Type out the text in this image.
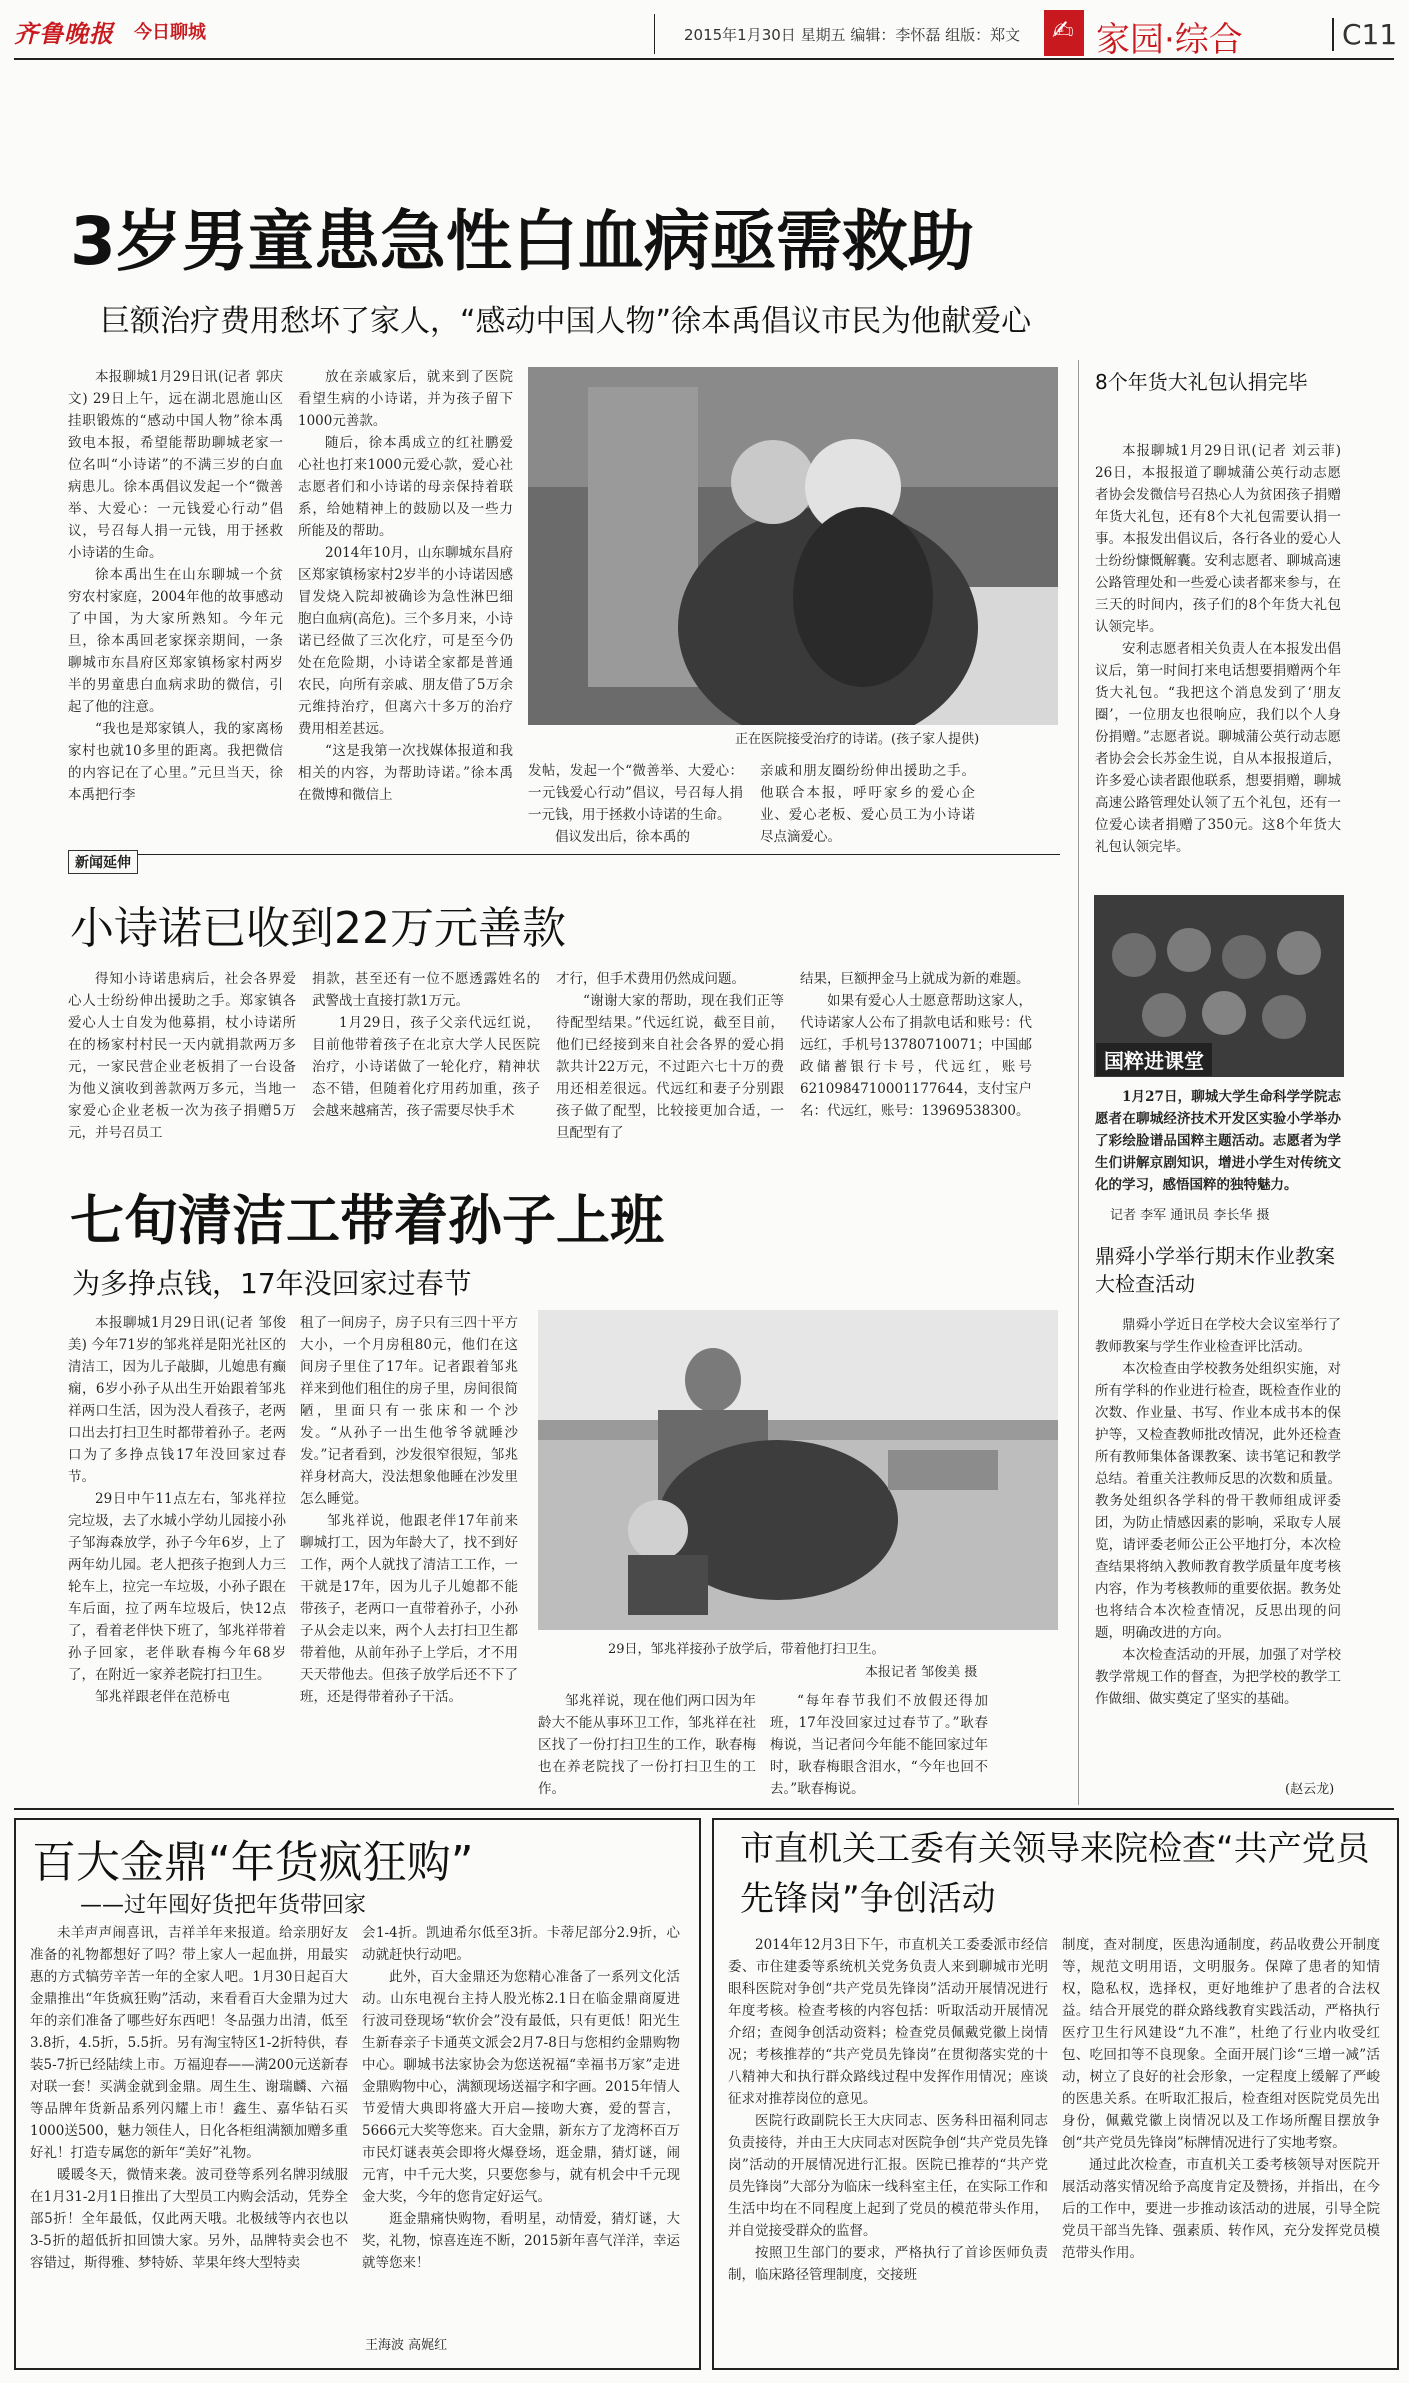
齐鲁晚报 今日聊城	2015年1月30日 星期五 编辑：李怀磊 组版：郑文 ✍ 家园·综合	C11
3岁男童患急性白血病亟需救助
巨额治疗费用愁坏了家人，“感动中国人物”徐本禹倡议市民为他献爱心

本报聊城1月29日讯(记者 郭庆文) 29日上午，远在湖北恩施山区挂职锻炼的“感动中国人物”徐本禹致电本报，希望能帮助聊城老家一位名叫“小诗诺”的不满三岁的白血病患儿。徐本禹倡议发起一个“微善举、大爱心：一元钱爱心行动”倡议，号召每人捐一元钱，用于拯救小诗诺的生命。

徐本禹出生在山东聊城一个贫穷农村家庭，2004年他的故事感动了中国，为大家所熟知。今年元旦，徐本禹回老家探亲期间，一条聊城市东昌府区郑家镇杨家村两岁半的男童患白血病求助的微信，引起了他的注意。

“我也是郑家镇人，我的家离杨家村也就10多里的距离。我把微信的内容记在了心里。”元旦当天，徐本禹把行李

放在亲戚家后，就来到了医院看望生病的小诗诺，并为孩子留下1000元善款。

随后，徐本禹成立的红社鹏爱心社也打来1000元爱心款，爱心社志愿者们和小诗诺的母亲保持着联系，给她精神上的鼓励以及一些力所能及的帮助。

2014年10月，山东聊城东昌府区郑家镇杨家村2岁半的小诗诺因感冒发烧入院却被确诊为急性淋巴细胞白血病(高危)。三个多月来，小诗诺已经做了三次化疗，可是至今仍处在危险期，小诗诺全家都是普通农民，向所有亲戚、朋友借了5万余元维持治疗，但离六十多万的治疗费用相差甚远。

“这是我第一次找媒体报道和我相关的内容，为帮助诗诺。”徐本禹在微博和微信上

正在医院接受治疗的诗诺。(孩子家人提供)

发帖，发起一个“微善举、大爱心：一元钱爱心行动”倡议，号召每人捐一元钱，用于拯救小诗诺的生命。

倡议发出后，徐本禹的

亲戚和朋友圈纷纷伸出援助之手。他联合本报，呼吁家乡的爱心企业、爱心老板、爱心员工为小诗诺尽点滴爱心。

新闻延伸
小诗诺已收到22万元善款

得知小诗诺患病后，社会各界爱心人士纷纷伸出援助之手。郑家镇各爱心人士自发为他募捐，杖小诗诺所在的杨家村村民一天内就捐款两万多元，一家民营企业老板捐了一台设备为他义演收到善款两万多元，当地一家爱心企业老板一次为孩子捐赠5万元，并号召员工

捐款，甚至还有一位不愿透露姓名的武警战士直接打款1万元。

1月29日，孩子父亲代远红说，目前他带着孩子在北京大学人民医院治疗，小诗诺做了一轮化疗，精神状态不错，但随着化疗用药加重，孩子会越来越痛苦，孩子需要尽快手术

才行，但手术费用仍然成问题。

“谢谢大家的帮助，现在我们正等待配型结果。”代远红说，截至目前，他们已经接到来自社会各界的爱心捐款共计22万元，不过距六七十万的费用还相差很远。代远红和妻子分别跟孩子做了配型，比较接更加合适，一旦配型有了

结果，巨额押金马上就成为新的难题。

如果有爱心人士愿意帮助这家人，代诗诺家人公布了捐款电话和账号：代远红，手机号13780710071；中国邮政储蓄银行卡号，代远红，账号6210984710001177644，支付宝户名：代远红，账号：13969538300。

七旬清洁工带着孙子上班
为多挣点钱，17年没回家过春节

本报聊城1月29日讯(记者 邹俊美) 今年71岁的邹兆祥是阳光社区的清洁工，因为儿子敲脚，儿媳患有癫痫，6岁小孙子从出生开始跟着邹兆祥两口生活，因为没人看孩子，老两口出去打扫卫生时都带着孙子。老两口为了多挣点钱17年没回家过春节。

29日中午11点左右，邹兆祥拉完垃圾，去了水城小学幼儿园接小孙子邹海森放学，孙子今年6岁，上了两年幼儿园。老人把孩子抱到人力三轮车上，拉完一车垃圾，小孙子跟在车后面，拉了两车垃圾后，快12点了，看着老伴快下班了，邹兆祥带着孙子回家，老伴耿春梅今年68岁了，在附近一家养老院打扫卫生。

邹兆祥跟老伴在范桥屯

租了一间房子，房子只有三四十平方大小，一个月房租80元，他们在这间房子里住了17年。记者跟着邹兆祥来到他们租住的房子里，房间很简陋，里面只有一张床和一个沙发。“从孙子一出生他爷爷就睡沙发。”记者看到，沙发很窄很短，邹兆祥身材高大，没法想象他睡在沙发里怎么睡觉。

邹兆祥说，他跟老伴17年前来聊城打工，因为年龄大了，找不到好工作，两个人就找了清洁工工作，一干就是17年，因为儿子儿媳都不能带孩子，老两口一直带着孙子，小孙子从会走以来，两个人去打扫卫生都带着他，从前年孙子上学后，才不用天天带他去。但孩子放学后还不下了班，还是得带着孙子干活。

29日，邹兆祥接孙子放学后，带着他打扫卫生。
本报记者 邹俊美 摄

邹兆祥说，现在他们两口因为年龄大不能从事环卫工作，邹兆祥在社区找了一份打扫卫生的工作，耿春梅也在养老院找了一份打扫卫生的工作。

“每年春节我们不放假还得加班，17年没回家过过春节了。”耿春梅说，当记者问今年能不能回家过年时，耿春梅眼含泪水，“今年也回不去。”耿春梅说。

8个年货大礼包认捐完毕

本报聊城1月29日讯(记者 刘云菲) 26日，本报报道了聊城蒲公英行动志愿者协会发微信号召热心人为贫困孩子捐赠年货大礼包，还有8个大礼包需要认捐一事。本报发出倡议后，各行各业的爱心人士纷纷慷慨解囊。安利志愿者、聊城高速公路管理处和一些爱心读者都来参与，在三天的时间内，孩子们的8个年货大礼包认领完毕。

安利志愿者相关负责人在本报发出倡议后，第一时间打来电话想要捐赠两个年货大礼包。“我把这个消息发到了‘朋友圈’，一位朋友也很响应，我们以个人身份捐赠。”志愿者说。聊城蒲公英行动志愿者协会会长苏金生说，自从本报报道后，许多爱心读者跟他联系，想要捐赠，聊城高速公路管理处认领了五个礼包，还有一位爱心读者捐赠了350元。这8个年货大礼包认领完毕。

国粹进课堂

1月27日，聊城大学生命科学学院志愿者在聊城经济技术开发区实验小学举办了彩绘脸谱品国粹主题活动。志愿者为学生们讲解京剧知识，增进小学生对传统文化的学习，感悟国粹的独特魅力。

记者 李军 通讯员 李长华 摄
鼎舜小学举行期末作业教案大检查活动

鼎舜小学近日在学校大会议室举行了教师教案与学生作业检查评比活动。

本次检查由学校教务处组织实施，对所有学科的作业进行检查，既检查作业的次数、作业量、书写、作业本成书本的保护等，又检查教师批改情况，此外还检查所有教师集体备课教案、读书笔记和教学总结。着重关注教师反思的次数和质量。教务处组织各学科的骨干教师组成评委团，为防止情感因素的影响，采取专人展览，请评委老师公正公平地打分，本次检查结果将纳入教师教育教学质量年度考核内容，作为考核教师的重要依据。教务处也将结合本次检查情况，反思出现的问题，明确改进的方向。

本次检查活动的开展，加强了对学校教学常规工作的督查，为把学校的教学工作做细、做实奠定了坚实的基础。

(赵云龙)
百大金鼎“年货疯狂购”
——过年囤好货把年货带回家

未羊声声闹喜讯，吉祥羊年来报道。给亲朋好友准备的礼物都想好了吗？带上家人一起血拼，用最实惠的方式犒劳辛苦一年的全家人吧。1月30日起百大金鼎推出“年货疯狂购”活动，来看看百大金鼎为过大年的亲们准备了哪些好东西吧！冬品强力出清，低至3.8折，4.5折，5.5折。另有淘宝特区1-2折特供，春装5-7折已经陆续上市。万福迎春——满200元送新春对联一套！买满金就到金鼎。周生生、谢瑞麟、六福等品牌年货新品系列闪耀上市！鑫生、嘉华钻石买1000送500，魅力领佳人，日化各柜组满额加赠多重好礼！打造专属您的新年“美好”礼物。

暖暖冬天，微情来袭。波司登等系列名牌羽绒服在1月31-2月1日推出了大型员工内购会活动，凭券全部5折！全年最低，仅此两天哦。北极绒等内衣也以3-5折的超低折扣回馈大家。另外，品牌特卖会也不容错过，斯得雅、梦特娇、苹果年终大型特卖

会1-4折。凯迪希尔低至3折。卡蒂尼部分2.9折，心动就赶快行动吧。

此外，百大金鼎还为您精心准备了一系列文化活动。山东电视台主持人股光栋2.1日在临金鼎商厦进行波司登现场“软价会”没有最低，只有更低！阳光生生新春亲子卡通英文派会2月7-8日与您相约金鼎购物中心。聊城书法家协会为您送祝福“幸福书万家”走进金鼎购物中心，满额现场送福字和字画。2015年情人节爱情大典即将盛大开启—接吻大赛，爱的誓言，5666元大奖等您来。百大金鼎，新东方了龙湾杯百万市民灯谜表英会即将火爆登场，逛金鼎，猜灯谜，闹元宵，中千元大奖，只要您参与，就有机会中千元现金大奖，今年的您肯定好运气。

逛金鼎痛快购物，看明星，动情爱，猜灯谜，大奖，礼物，惊喜连连不断，2015新年喜气洋洋，幸运就等您来！

王海波 高娓红
市直机关工委有关领导来院检查“共产党员先锋岗”争创活动

2014年12月3日下午，市直机关工委委派市经信委、市住建委等系统机关党务负责人来到聊城市光明眼科医院对争创“共产党员先锋岗”活动开展情况进行年度考核。检查考核的内容包括：听取活动开展情况介绍；查阅争创活动资料；检查党员佩戴党徽上岗情况；考核推荐的“共产党员先锋岗”在贯彻落实党的十八精神大和执行群众路线过程中发挥作用情况；座谈征求对推荐岗位的意见。

医院行政副院长王大庆同志、医务科田福利同志负责接待，并由王大庆同志对医院争创“共产党员先锋岗”活动的开展情况进行汇报。医院已推荐的“共产党员先锋岗”大部分为临床一线科室主任，在实际工作和生活中均在不同程度上起到了党员的模范带头作用，并自觉接受群众的监督。

按照卫生部门的要求，严格执行了首诊医师负责制，临床路径管理制度，交接班

制度，查对制度，医患沟通制度，药品收费公开制度等，规范文明用语，文明服务。保障了患者的知情权，隐私权，选择权，更好地维护了患者的合法权益。结合开展党的群众路线教育实践活动，严格执行医疗卫生行风建设“九不准”，杜绝了行业内收受红包、吃回扣等不良现象。全面开展门诊“三增一减”活动，树立了良好的社会形象，一定程度上缓解了严峻的医患关系。在听取汇报后，检查组对医院党员先出身份，佩戴党徽上岗情况以及工作场所醒目摆放争创“共产党员先锋岗”标牌情况进行了实地考察。

通过此次检查，市直机关工委考核领导对医院开展活动落实情况给予高度肯定及赞扬，并指出，在今后的工作中，要进一步推动该活动的进展，引导全院党员干部当先锋、强素质、转作风，充分发挥党员模范带头作用。
